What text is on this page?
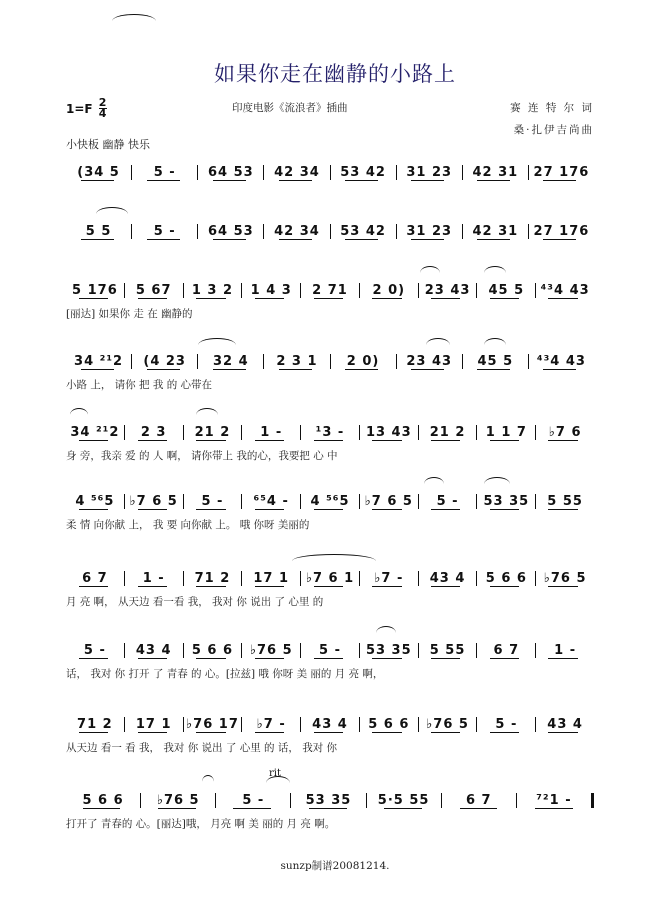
如果你走在幽静的小路上
1=F 2
4	印度电影《流浪者》插曲	赛 连 特 尔 词
桑·扎伊吉尚曲
小快板 幽静 快乐
rit
(34 5	5 -	64 53	42 34	53 42	31 23	42 31	27 176
5 5	5 -	64 53	42 34	53 42	31 23	42 31	27 176
5 176	5 67	1 3 2	1 4 3	2 71	2 0)	23 43	45 5	⁴³4 43
[丽达] 如果你 走 在 幽静的
34 ²¹2	(4 23	32 4	2 3 1	2 0)	23 43	45 5	⁴³4 43
小路 上， 请你 把 我 的 心带在
34 ²¹2	2 3	21 2	1 -	¹3 -	13 43	21 2	1 1 7	♭7 6
身 旁，我亲 爱 的 人 啊， 请你带上 我的心，我要把 心 中
4 ⁵⁶5	♭7 6 5	5 -	⁶⁵4 -	4 ⁵⁶5	♭7 6 5	5 -	53 35	5 55
柔 情 向你献 上， 我 要 向你献 上。 哦 你呀 美丽的
6 7	1 -	71 2	17 1	♭7 6 1	♭7 -	43 4	5 6 6	♭76 5
月 亮 啊， 从天边 看一看 我， 我对 你 说出 了 心里 的
5 -	43 4	5 6 6	♭76 5	5 -	53 35	5 55	6 7	1 -
话， 我对 你 打开 了 青春 的 心。[拉兹] 哦 你呀 美 丽的 月 亮 啊，
71 2	17 1	♭76 17	♭7 -	43 4	5 6 6	♭76 5	5 -	43 4
从天边 看一 看 我， 我对 你 说出 了 心里 的 话， 我对 你
5 6 6	♭76 5	5 -	53 35	5·5 55	6 7	⁷²1 -
打开了 青春的 心。[丽达]哦， 月亮 啊 美 丽的 月 亮 啊。
sunzp制谱20081214.
